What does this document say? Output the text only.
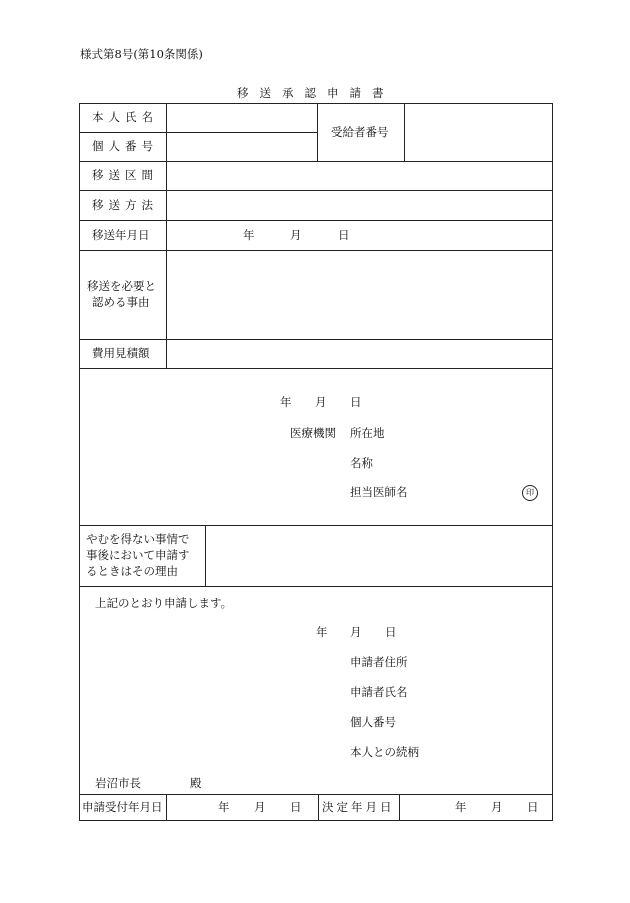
様式第8号(第10条関係)
移送承認申請書
本人氏名
個人番号
受給者番号
移送区間
移送方法
移送年月日	年	月	日
移送を必要と
認める事由
費用見積額
年 月 日
医療機関 所在地
名称
担当医師名	印
やむを得ない事情で
事後において申請す
るときはその理由
上記のとおり申請します。
年 月 日
申請者住所
申請者氏名
個人番号
本人との続柄
岩沼市長	殿
申請受付年月日	年 月 日 決定年月日	年 月 日
